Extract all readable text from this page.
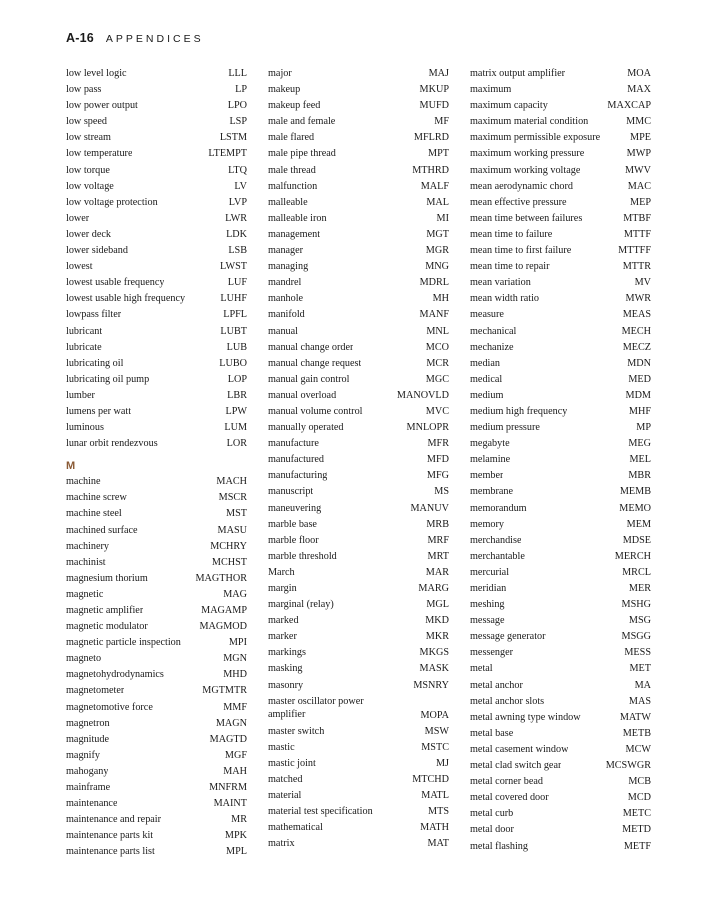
A-16 APPENDICES
low level logic	LLL
low pass	LP
low power output	LPO
low speed	LSP
low stream	LSTM
low temperature	LTEMPT
low torque	LTQ
low voltage	LV
low voltage protection	LVP
lower	LWR
lower deck	LDK
lower sideband	LSB
lowest	LWST
lowest usable frequency	LUF
lowest usable high frequency	LUHF
lowpass filter	LPFL
lubricant	LUBT
lubricate	LUB
lubricating oil	LUBO
lubricating oil pump	LOP
lumber	LBR
lumens per watt	LPW
luminous	LUM
lunar orbit rendezvous	LOR
M
machine	MACH
machine screw	MSCR
machine steel	MST
machined surface	MASU
machinery	MCHRY
machinist	MCHST
magnesium thorium	MAGTHOR
magnetic	MAG
magnetic amplifier	MAGAMP
magnetic modulator	MAGMOD
magnetic particle inspection	MPI
magneto	MGN
magnetohydrodynamics	MHD
magnetometer	MGTMTR
magnetomotive force	MMF
magnetron	MAGN
magnitude	MAGTD
magnify	MGF
mahogany	MAH
mainframe	MNFRM
maintenance	MAINT
maintenance and repair	MR
maintenance parts kit	MPK
maintenance parts list	MPL
major	MAJ
makeup	MKUP
makeup feed	MUFD
male and female	MF
male flared	MFLRD
male pipe thread	MPT
male thread	MTHRD
malfunction	MALF
malleable	MAL
malleable iron	MI
management	MGT
manager	MGR
managing	MNG
mandrel	MDRL
manhole	MH
manifold	MANF
manual	MNL
manual change order	MCO
manual change request	MCR
manual gain control	MGC
manual overload	MANOVLD
manual volume control	MVC
manually operated	MNLOPR
manufacture	MFR
manufactured	MFD
manufacturing	MFG
manuscript	MS
maneuvering	MANUV
marble base	MRB
marble floor	MRF
marble threshold	MRT
March	MAR
margin	MARG
marginal (relay)	MGL
marked	MKD
marker	MKR
markings	MKGS
masking	MASK
masonry	MSNRY
master oscillator power amplifier	MOPA
master switch	MSW
mastic	MSTC
mastic joint	MJ
matched	MTCHD
material	MATL
material test specification	MTS
mathematical	MATH
matrix	MAT
matrix output amplifier	MOA
maximum	MAX
maximum capacity	MAXCAP
maximum material condition	MMC
maximum permissible exposure	MPE
maximum working pressure	MWP
maximum working voltage	MWV
mean aerodynamic chord	MAC
mean effective pressure	MEP
mean time between failures	MTBF
mean time to failure	MTTF
mean time to first failure	MTTFF
mean time to repair	MTTR
mean variation	MV
mean width ratio	MWR
measure	MEAS
mechanical	MECH
mechanize	MECZ
median	MDN
medical	MED
medium	MDM
medium high frequency	MHF
medium pressure	MP
megabyte	MEG
melamine	MEL
member	MBR
membrane	MEMB
memorandum	MEMO
memory	MEM
merchandise	MDSE
merchantable	MERCH
mercurial	MRCL
meridian	MER
meshing	MSHG
message	MSG
message generator	MSGG
messenger	MESS
metal	MET
metal anchor	MA
metal anchor slots	MAS
metal awning type window	MATW
metal base	METB
metal casement window	MCW
metal clad switch gear	MCSWGR
metal corner bead	MCB
metal covered door	MCD
metal curb	METC
metal door	METD
metal flashing	METF
